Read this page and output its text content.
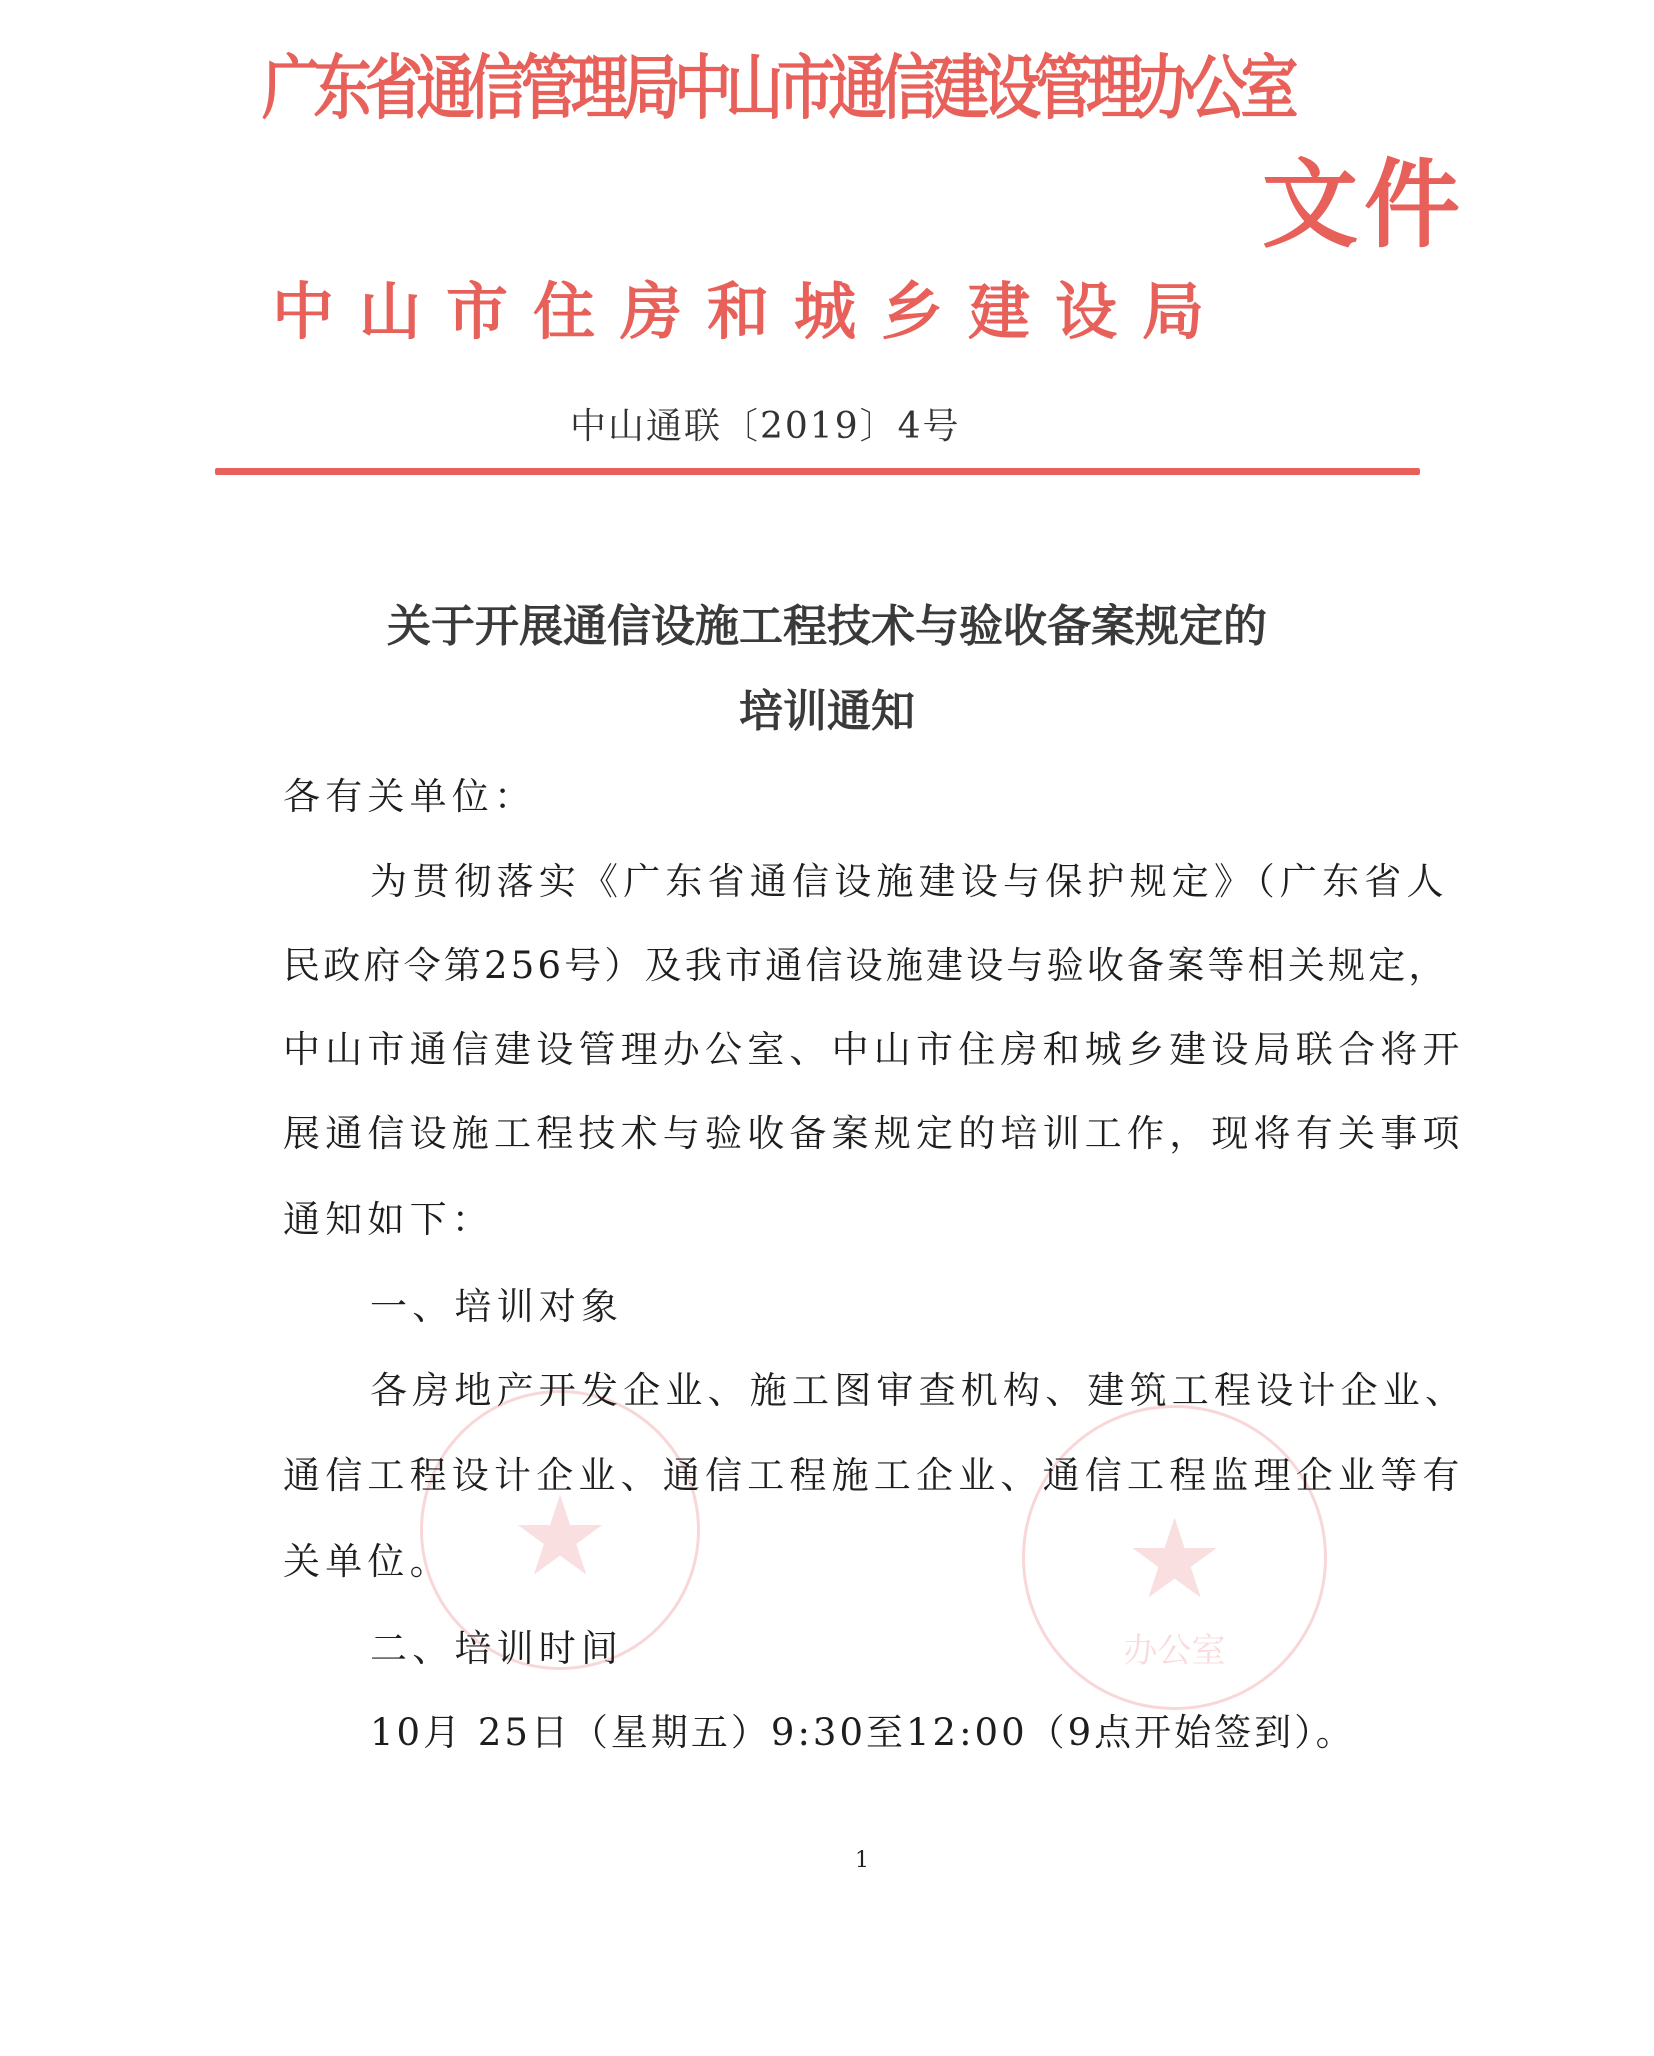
★	★
办公室
广东省通信管理局中山市通信建设管理办公室
文件
中山市住房和城乡建设局
中山通联〔2019〕4号
关于开展通信设施工程技术与验收备案规定的
培训通知
各有关单位：
为贯彻落实《广东省通信设施建设与保护规定》（广东省人
民政府令第256号）及我市通信设施建设与验收备案等相关规定，
中山市通信建设管理办公室、中山市住房和城乡建设局联合将开
展通信设施工程技术与验收备案规定的培训工作，现将有关事项
通知如下：
一、培训对象
各房地产开发企业、施工图审查机构、建筑工程设计企业、
通信工程设计企业、通信工程施工企业、通信工程监理企业等有
关单位。
二、培训时间
10月 25日（星期五）9:30至12:00（9点开始签到）。
1
